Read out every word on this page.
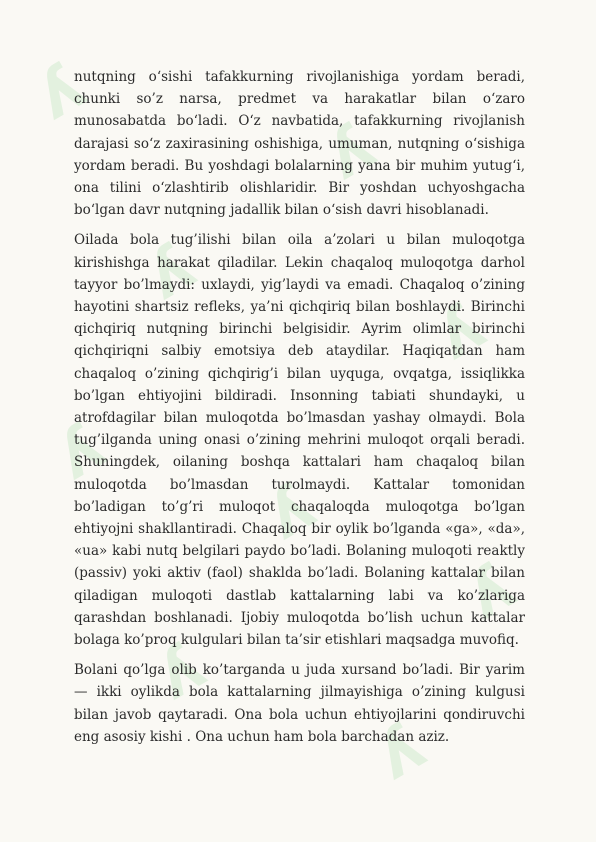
ʎ
ʎ
ʎ
ʎ
ʎ
ʎ
ʎ
ʎ
ʎ

nutqning o‘sishi tafakkurning rivojlanishiga yordam beradi, chunki so’z narsa, predmet va harakatlar bilan o‘zaro munosabatda bo‘ladi. O‘z navbatida, tafakkurning rivojlanish darajasi so‘z zaxirasining oshishiga, umuman, nutqning o‘sishiga yordam beradi. Bu yoshdagi bolalarning yana bir muhim yutug‘i, ona tilini o‘zlashtirib olishlaridir. Bir yoshdan uchyoshgacha bo‘lgan davr nutqning jadallik bilan o‘sish davri hisoblanadi.

Oilada bola tug’ilishi bilan oila a’zolari u bilan muloqotga kirishishga harakat qiladilar. Lekin chaqaloq muloqotga darhol tayyor bo’lmaydi: uxlaydi, yig’laydi va emadi. Chaqaloq o’zining hayotini shartsiz refleks, ya’ni qichqiriq bilan boshlaydi. Birinchi qichqiriq nutqning birinchi belgisidir. Ayrim olimlar birinchi qichqiriqni salbiy emotsiya deb ataydilar. Haqiqatdan ham chaqaloq o’zining qichqirig’i bilan uyquga, ovqatga, issiqlikka bo’lgan ehtiyojini bildiradi. Insonning tabiati shundayki, u atrofdagilar bilan muloqotda bo’lmasdan yashay olmaydi. Bola tug’ilganda uning onasi o’zining mehrini muloqot orqali beradi. Shuningdek, oilaning boshqa kattalari ham chaqaloq bilan muloqotda bo’lmasdan turolmaydi. Kattalar tomonidan bo’ladigan to’g’ri muloqot chaqaloqda muloqotga bo’lgan ehtiyojni shakllantiradi. Chaqaloq bir oylik bo’lganda «ga», «da», «ua» kabi nutq belgilari paydo bo’ladi. Bolaning muloqoti reaktly (passiv) yoki aktiv (faol) shaklda bo’ladi. Bolaning kattalar bilan qiladigan muloqoti dastlab kattalarning labi va ko’zlariga qarashdan boshlanadi. Ijobiy muloqotda bo’lish uchun kattalar bolaga ko’proq kulgulari bilan ta’sir etishlari maqsadga muvofiq.

Bolani qo’lga olib ko’targanda u juda xursand bo’ladi. Bir yarim — ikki oylikda bola kattalarning jilmayishiga o’zining kulgusi bilan javob qaytaradi. Ona bola uchun ehtiyojlarini qondiruvchi eng asosiy kishi . Ona uchun ham bola barchadan aziz.
